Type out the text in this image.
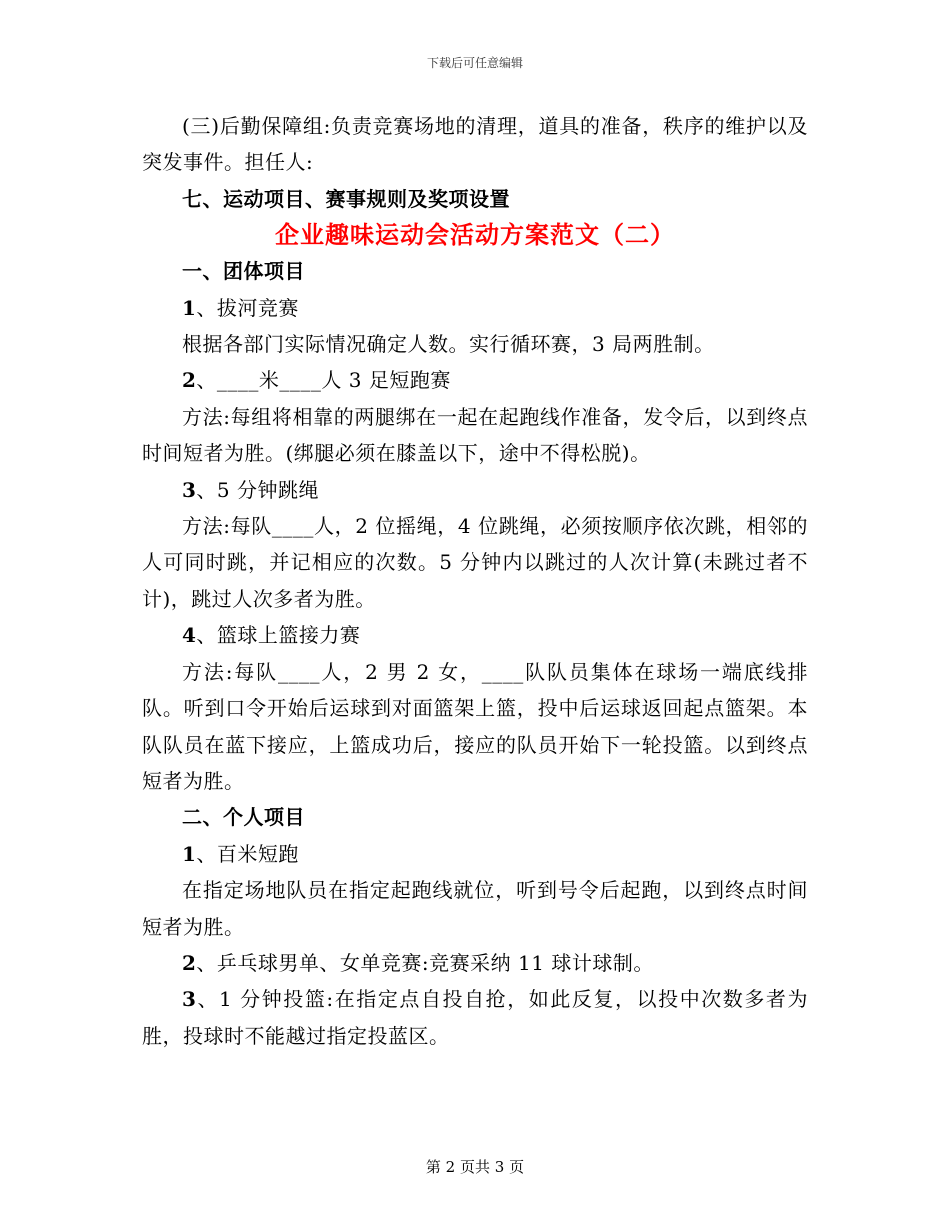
下载后可任意编辑

(三)后勤保障组:负责竞赛场地的清理，道具的准备，秩序的维护以及突发事件。担任人:

七、运动项目、赛事规则及奖项设置

企业趣味运动会活动方案范文（二）

一、团体项目

1、拔河竞赛

根据各部门实际情况确定人数。实行循环赛，3 局两胜制。

2、____米____人 3 足短跑赛

方法:每组将相靠的两腿绑在一起在起跑线作准备，发令后，以到终点时间短者为胜。(绑腿必须在膝盖以下，途中不得松脱)。

3、5 分钟跳绳

方法:每队____人，2 位摇绳，4 位跳绳，必须按顺序依次跳，相邻的人可同时跳，并记相应的次数。5 分钟内以跳过的人次计算(未跳过者不计)，跳过人次多者为胜。

4、篮球上篮接力赛

方法:每队____人，2 男 2 女，____队队员集体在球场一端底线排队。听到口令开始后运球到对面篮架上篮，投中后运球返回起点篮架。本队队员在蓝下接应，上篮成功后，接应的队员开始下一轮投篮。以到终点短者为胜。

二、个人项目

1、百米短跑

在指定场地队员在指定起跑线就位，听到号令后起跑，以到终点时间短者为胜。

2、乒乓球男单、女单竞赛:竞赛采纳 11 球计球制。

3、1 分钟投篮:在指定点自投自抢，如此反复，以投中次数多者为胜，投球时不能越过指定投蓝区。

第 2 页共 3 页
